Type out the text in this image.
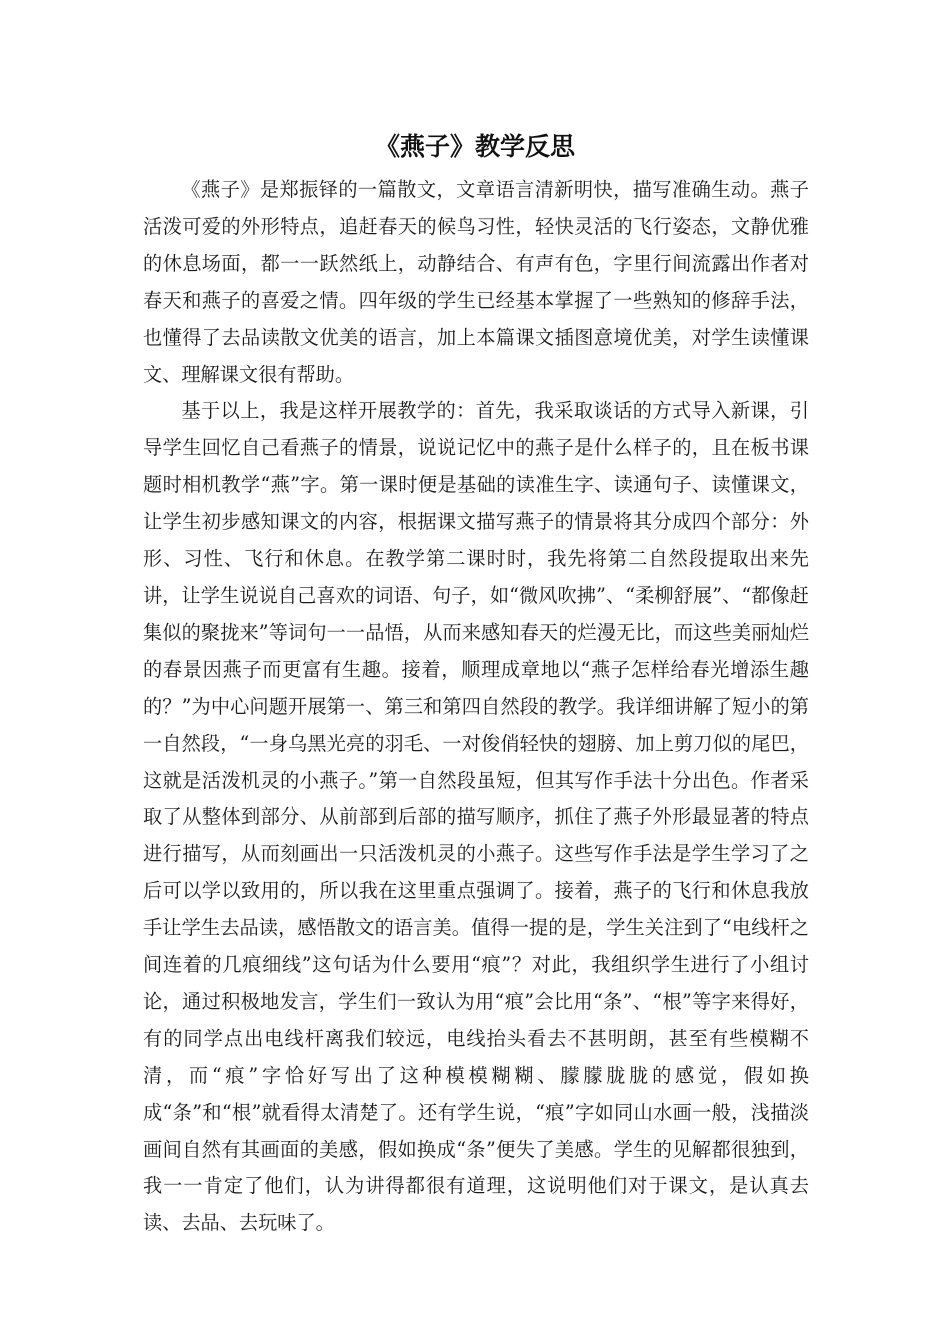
《燕子》教学反思

《燕子》是郑振铎的一篇散文，文章语言清新明快，描写准确生动。燕子活泼可爱的外形特点，追赶春天的候鸟习性，轻快灵活的飞行姿态，文静优雅的休息场面，都一一跃然纸上，动静结合、有声有色，字里行间流露出作者对春天和燕子的喜爱之情。四年级的学生已经基本掌握了一些熟知的修辞手法，也懂得了去品读散文优美的语言，加上本篇课文插图意境优美，对学生读懂课文、理解课文很有帮助。

基于以上，我是这样开展教学的：首先，我采取谈话的方式导入新课，引导学生回忆自己看燕子的情景，说说记忆中的燕子是什么样子的，且在板书课题时相机教学“燕”字。第一课时便是基础的读准生字、读通句子、读懂课文，让学生初步感知课文的内容，根据课文描写燕子的情景将其分成四个部分：外形、习性、飞行和休息。在教学第二课时时，我先将第二自然段提取出来先讲，让学生说说自己喜欢的词语、句子，如“微风吹拂”、“柔柳舒展”、“都像赶集似的聚拢来”等词句一一品悟，从而来感知春天的烂漫无比，而这些美丽灿烂的春景因燕子而更富有生趣。接着，顺理成章地以“燕子怎样给春光增添生趣的？”为中心问题开展第一、第三和第四自然段的教学。我详细讲解了短小的第一自然段，“一身乌黑光亮的羽毛、一对俊俏轻快的翅膀、加上剪刀似的尾巴，这就是活泼机灵的小燕子。”第一自然段虽短，但其写作手法十分出色。作者采取了从整体到部分、从前部到后部的描写顺序，抓住了燕子外形最显著的特点进行描写，从而刻画出一只活泼机灵的小燕子。这些写作手法是学生学习了之后可以学以致用的，所以我在这里重点强调了。接着，燕子的飞行和休息我放手让学生去品读，感悟散文的语言美。值得一提的是，学生关注到了“电线杆之间连着的几痕细线”这句话为什么要用“痕”？对此，我组织学生进行了小组讨论，通过积极地发言，学生们一致认为用“痕”会比用“条”、“根”等字来得好，有的同学点出电线杆离我们较远，电线抬头看去不甚明朗，甚至有些模糊不清，而“痕”字恰好写出了这种模模糊糊、朦朦胧胧的感觉，假如换成“条”和“根”就看得太清楚了。还有学生说，“痕”字如同山水画一般，浅描淡画间自然有其画面的美感，假如换成“条”便失了美感。学生的见解都很独到，我一一肯定了他们，认为讲得都很有道理，这说明他们对于课文，是认真去读、去品、去玩味了。
